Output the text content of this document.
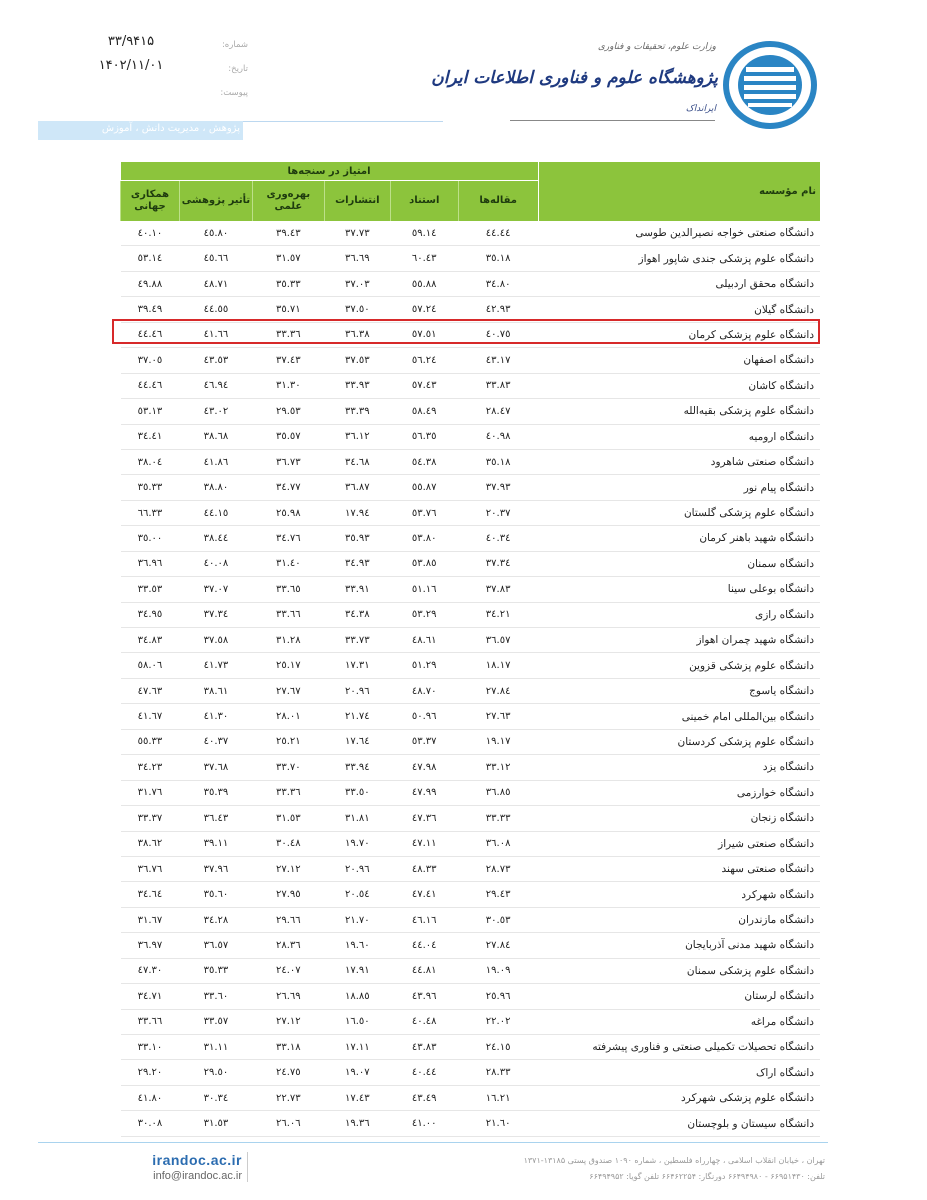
وزارت علوم، تحقیقات و فناوری
پژوهشگاه علوم و فناوری اطلاعات ایران
ایرانداک
شماره:
۳۳/۹۴۱۵
تاریخ:
۱۴۰۲/۱۱/۰۱
پیوست:
پژوهش ، مدیریت دانش ، آموزش
امتیاز در سنجه‌ها						نام مؤسسه
همکاری جهانی	تأثیر پژوهشی	بهره‌وری علمی	انتشارات	استناد	مقاله‌ها	
٤٠.١٠	٤٥.٨٠	٣٩.٤٣	٣٧.٧٣	٥٩.١٤	٤٤.٤٤	دانشگاه صنعتی خواجه نصیرالدین طوسی
٥٣.١٤	٤٥.٦٦	٣١.٥٧	٣٦.٦٩	٦٠.٤٣	٣٥.١٨	دانشگاه علوم پزشکی جندی شاپور اهواز
٤٩.٨٨	٤٨.٧١	٣٥.٣٣	٣٧.٠٣	٥٥.٨٨	٣٤.٨٠	دانشگاه محقق اردبیلی
٣٩.٤٩	٤٤.٥٥	٣٥.٧١	٣٧.٥٠	٥٧.٢٤	٤٢.٩٣	دانشگاه گیلان
٤٤.٤٦	٤١.٦٦	٣٣.٣٦	٣٦.٣٨	٥٧.٥١	٤٠.٧٥	دانشگاه علوم پزشکی کرمان
٣٧.٠٥	٤٣.٥٣	٣٧.٤٣	٣٧.٥٣	٥٦.٢٤	٤٣.١٧	دانشگاه اصفهان
٤٤.٤٦	٤٦.٩٤	٣١.٣٠	٣٣.٩٣	٥٧.٤٣	٣٣.٨٣	دانشگاه کاشان
٥٣.١٣	٤٣.٠٢	٢٩.٥٣	٣٣.٣٩	٥٨.٤٩	٢٨.٤٧	دانشگاه علوم پزشکی بقیه‌الله
٣٤.٤١	٣٨.٦٨	٣٥.٥٧	٣٦.١٢	٥٦.٣٥	٤٠.٩٨	دانشگاه ارومیه
٣٨.٠٤	٤١.٨٦	٣٦.٧٣	٣٤.٦٨	٥٤.٣٨	٣٥.١٨	دانشگاه صنعتی شاهرود
٣٥.٣٣	٣٨.٨٠	٣٤.٧٧	٣٦.٨٧	٥٥.٨٧	٣٧.٩٣	دانشگاه پیام نور
٦٦.٣٣	٤٤.١٥	٢٥.٩٨	١٧.٩٤	٥٣.٧٦	٢٠.٣٧	دانشگاه علوم پزشکی گلستان
٣٥.٠٠	٣٨.٤٤	٣٤.٧٦	٣٥.٩٣	٥٣.٨٠	٤٠.٣٤	دانشگاه شهید باهنر کرمان
٣٦.٩٦	٤٠.٠٨	٣١.٤٠	٣٤.٩٣	٥٣.٨٥	٣٧.٣٤	دانشگاه سمنان
٣٣.٥٣	٣٧.٠٧	٣٣.٦٥	٣٣.٩١	٥١.١٦	٣٧.٨٣	دانشگاه بوعلی سینا
٣٤.٩٥	٣٧.٣٤	٣٣.٦٦	٣٤.٣٨	٥٣.٢٩	٣٤.٢١	دانشگاه رازی
٣٤.٨٣	٣٧.٥٨	٣١.٢٨	٣٣.٧٣	٤٨.٦١	٣٦.٥٧	دانشگاه شهید چمران اهواز
٥٨.٠٦	٤١.٧٣	٢٥.١٧	١٧.٣١	٥١.٢٩	١٨.١٧	دانشگاه علوم پزشکی قزوین
٤٧.٦٣	٣٨.٦١	٢٧.٦٧	٢٠.٩٦	٤٨.٧٠	٢٧.٨٤	دانشگاه یاسوج
٤١.٦٧	٤١.٣٠	٢٨.٠١	٢١.٧٤	٥٠.٩٦	٢٧.٦٣	دانشگاه بین‌المللی امام خمینی
٥٥.٣٣	٤٠.٣٧	٢٥.٢١	١٧.٦٤	٥٣.٣٧	١٩.١٧	دانشگاه علوم پزشکی کردستان
٣٤.٢٣	٣٧.٦٨	٣٣.٧٠	٣٣.٩٤	٤٧.٩٨	٣٣.١٢	دانشگاه یزد
٣١.٧٦	٣٥.٣٩	٣٣.٣٦	٣٣.٥٠	٤٧.٩٩	٣٦.٨٥	دانشگاه خوارزمی
٣٣.٣٧	٣٦.٤٣	٣١.٥٣	٣١.٨١	٤٧.٣٦	٣٣.٣٣	دانشگاه زنجان
٣٨.٦٢	٣٩.١١	٣٠.٤٨	١٩.٧٠	٤٧.١١	٣٦.٠٨	دانشگاه صنعتی شیراز
٣٦.٧٦	٣٧.٩٦	٢٧.١٢	٢٠.٩٦	٤٨.٣٣	٢٨.٧٣	دانشگاه صنعتی سهند
٣٤.٦٤	٣٥.٦٠	٢٧.٩٥	٢٠.٥٤	٤٧.٤١	٢٩.٤٣	دانشگاه شهرکرد
٣١.٦٧	٣٤.٢٨	٢٩.٦٦	٢١.٧٠	٤٦.١٦	٣٠.٥٣	دانشگاه مازندران
٣٦.٩٧	٣٦.٥٧	٢٨.٣٦	١٩.٦٠	٤٤.٠٤	٢٧.٨٤	دانشگاه شهید مدنی آذربایجان
٤٧.٣٠	٣٥.٣٣	٢٤.٠٧	١٧.٩١	٤٤.٨١	١٩.٠٩	دانشگاه علوم پزشکی سمنان
٣٤.٧١	٣٣.٦٠	٢٦.٦٩	١٨.٨٥	٤٣.٩٦	٢٥.٩٦	دانشگاه لرستان
٣٣.٦٦	٣٣.٥٧	٢٧.١٢	١٦.٥٠	٤٠.٤٨	٢٢.٠٢	دانشگاه مراغه
٣٣.١٠	٣١.١١	٣٣.١٨	١٧.١١	٤٣.٨٣	٢٤.١٥	دانشگاه تحصیلات تکمیلی صنعتی و فناوری پیشرفته
٢٩.٢٠	٢٩.٥٠	٢٤.٧٥	١٩.٠٧	٤٠.٤٤	٢٨.٣٣	دانشگاه اراک
٤١.٨٠	٣٠.٣٤	٢٢.٧٣	١٧.٤٣	٤٣.٤٩	١٦.٢١	دانشگاه علوم پزشکی شهرکرد
٣٠.٠٨	٣١.٥٣	٢٦.٠٦	١٩.٣٦	٤١.٠٠	٢١.٦٠	دانشگاه سیستان و بلوچستان
irandoc.ac.ir
info@irandoc.ac.ir
تهران ، خیابان انقلاب اسلامی ، چهارراه فلسطین ، شماره ۱۰۹۰ صندوق پستی ۱۳۱۸۵-۱۳۷۱
تلفن: ۶۶۹۵۱۴۳۰ - ۶۶۴۹۴۹۸۰ دورنگار: ۶۶۴۶۲۲۵۴ تلفن گویا: ۶۶۴۹۴۹۵۲
